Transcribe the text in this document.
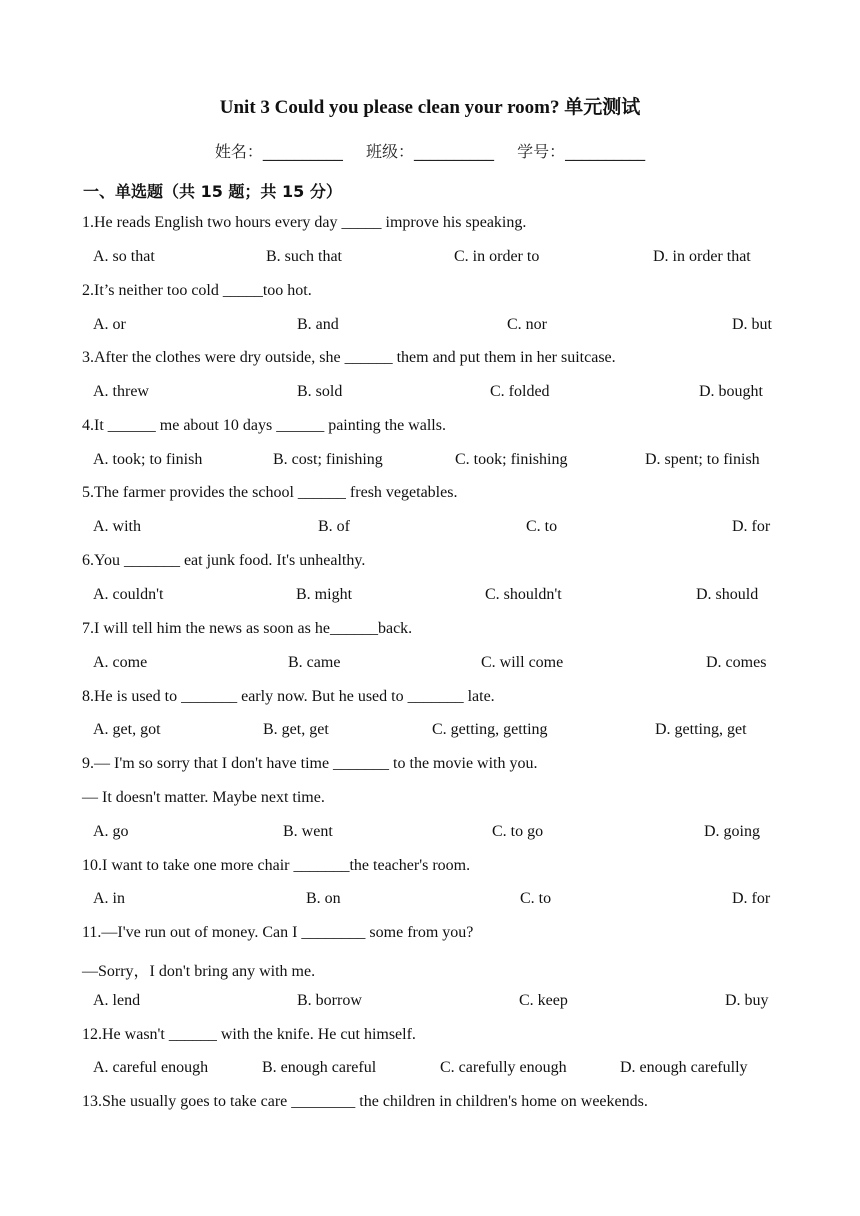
Unit 3 Could you please clean your room? 单元测试
姓名：__________ 班级：__________ 学号：__________
一、单选题（共 15 题；共 15 分）
1.He reads English two hours every day _____ improve his speaking.
A. so that	B. such that	C. in order to	D. in order that
2.It’s neither too cold _____too hot.
A. or	B. and	C. nor	D. but
3.After the clothes were dry outside, she ______ them and put them in her suitcase.
A. threw	B. sold	C. folded	D. bought
4.It ______ me about 10 days ______ painting the walls.
A. took; to finish	B. cost; finishing	C. took; finishing	D. spent; to finish
5.The farmer provides the school ______ fresh vegetables.
A. with	B. of	C. to	D. for
6.You _______ eat junk food. It's unhealthy.
A. couldn't	B. might	C. shouldn't	D. should
7.I will tell him the news as soon as he______back.
A. come	B. came	C. will come	D. comes
8.He is used to _______ early now. But he used to _______ late.
A. get, got	B. get, get	C. getting, getting	D. getting, get
9.— I'm so sorry that I don't have time _______ to the movie with you.
— It doesn't matter. Maybe next time.
A. go	B. went	C. to go	D. going
10.I want to take one more chair _______the teacher's room.
A. in	B. on	C. to	D. for
11.—I've run out of money. Can I ________ some from you?
—Sorry，I don't bring any with me.
A. lend	B. borrow	C. keep	D. buy
12.He wasn't ______ with the knife. He cut himself.
A. careful enough	B. enough careful	C. carefully enough	D. enough carefully
13.She usually goes to take care ________ the children in children's home on weekends.
